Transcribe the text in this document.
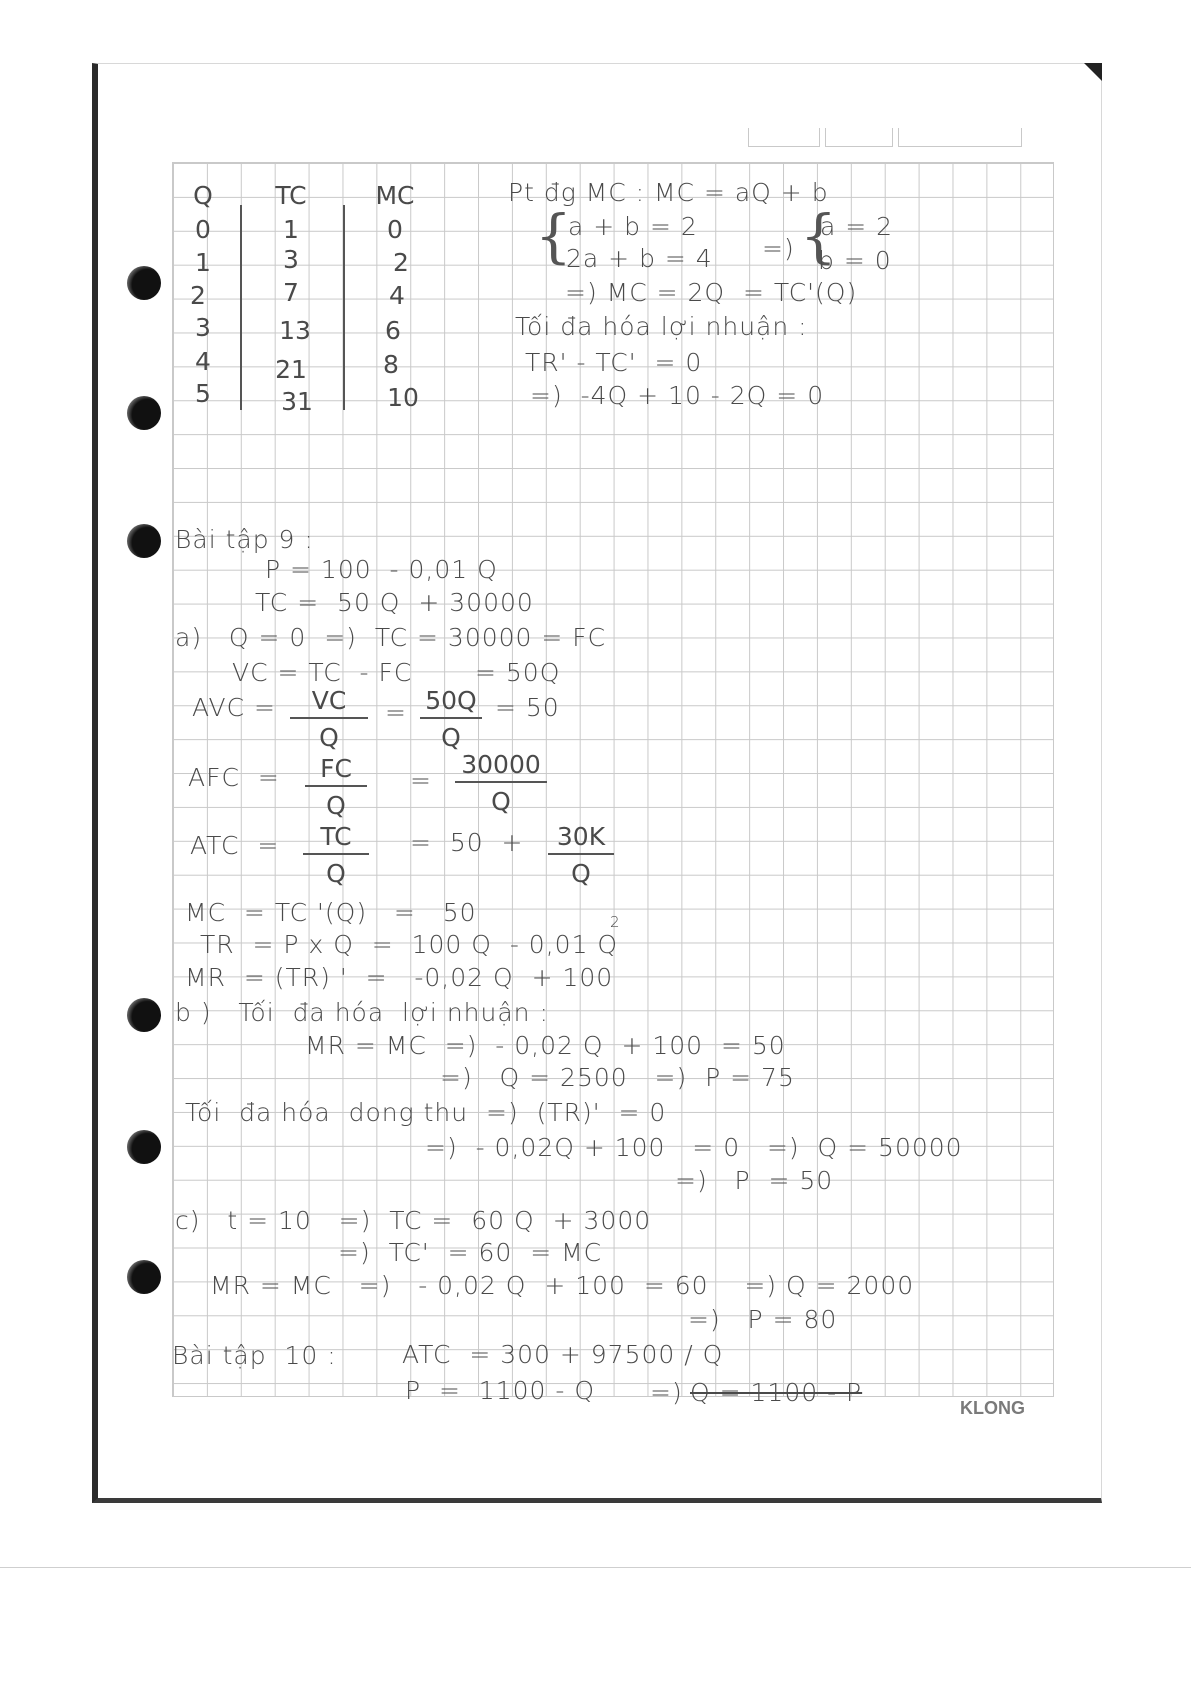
Q	TC	MC
0	1	0
1	3	2
2	7	4
3	13	6
4	21	8
5	31	10

Pt đg MC : MC = aQ + b

{

a + b = 2

2a + b = 4 =) {

a = 2

b = 0

=) MC = 2Q  = TC'(Q)

Tối đa hóa lợi nhuận :

TR' - TC'  = 0

=)  -4Q + 10 - 2Q = 0

Bài tập 9 :

P = 100  - 0,01 Q

TC =  50 Q  + 30000

a)   Q = 0  =)  TC = 30000 = FC

VC = TC  - FC       = 50Q

AVC = $\frac{VC}{Q} = \frac{50Q}{Q} = 50$

AFC  = $\frac{FC}{Q} = \frac{30000}{Q}$

ATC  = $\frac{TC}{Q} = 50 + \frac{30K}{Q}$

MC  = TC '(Q)   =   50

TR  = P x Q  =  100 Q  - 0,01 Q

2

MR  = (TR) '  =   -0,02 Q  + 100

b )   Tối  đa hóa  lợi nhuận :

MR = MC  =)  - 0,02 Q  + 100  = 50

=)   Q = 2500   =)  P = 75

Tối  đa hóa  dong thu  =)  (TR)'  = 0

=)  - 0,02Q + 100   = 0   =)  Q = 50000

=)   P  = 50

c)   t = 10   =)  TC =  60 Q  + 3000

=)  TC'  = 60  = MC

MR = MC   =)   - 0,02 Q  + 100  = 60    =) Q = 2000

=)   P = 80

Bài tập  10 :	ATC  = 300 + 97500 / Q

P  =  1100 - Q =) Q = 1100 - P

KLONG
